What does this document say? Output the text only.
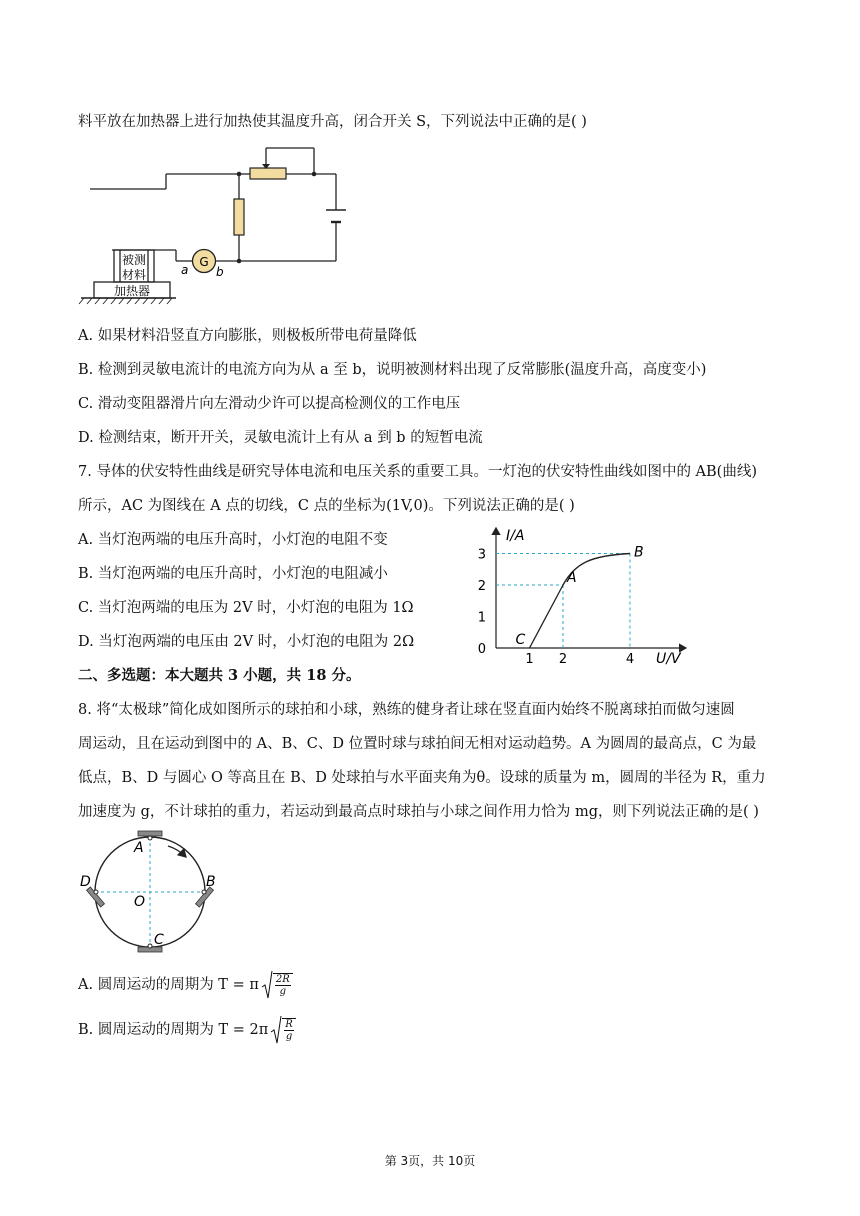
料平放在加热器上进行加热使其温度升高，闭合开关 S，下列说法中正确的是( )
G
a b
被测
材料
加热器
A. 如果材料沿竖直方向膨胀，则极板所带电荷量降低
B. 检测到灵敏电流计的电流方向为从 a 至 b，说明被测材料出现了反常膨胀(温度升高，高度变小)
C. 滑动变阻器滑片向左滑动少许可以提高检测仪的工作电压
D. 检测结束，断开开关，灵敏电流计上有从 a 到 b 的短暂电流
7. 导体的伏安特性曲线是研究导体电流和电压关系的重要工具。一灯泡的伏安特性曲线如图中的 AB(曲线)
所示，AC 为图线在 A 点的切线，C 点的坐标为(1V,0)。下列说法正确的是( )
A. 当灯泡两端的电压升高时，小灯泡的电阻不变
B. 当灯泡两端的电压升高时，小灯泡的电阻减小
C. 当灯泡两端的电压为 2V 时，小灯泡的电阻为 1Ω
D. 当灯泡两端的电压由 2V 时，小灯泡的电阻为 2Ω	C
A
B
1 2	4
0
1
2
3
I/A
U/V
二、多选题：本大题共 3 小题，共 18 分。
8. 将“太极球”简化成如图所示的球拍和小球，熟练的健身者让球在竖直面内始终不脱离球拍而做匀速圆
周运动，且在运动到图中的 A、B、C、D 位置时球与球拍间无相对运动趋势。A 为圆周的最高点，C 为最
低点，B、D 与圆心 O 等高且在 B、D 处球拍与水平面夹角为θ。设球的质量为 m，圆周的半径为 R，重力
加速度为 g，不计球拍的重力，若运动到最高点时球拍与小球之间作用力恰为 mg，则下列说法正确的是( )
A
B
C
D
O
A. 圆周运动的周期为 T = π $\frac{2R}{g}$
B. 圆周运动的周期为 $T = 2\pi \frac{R}{g}$
第 3页，共 10页
